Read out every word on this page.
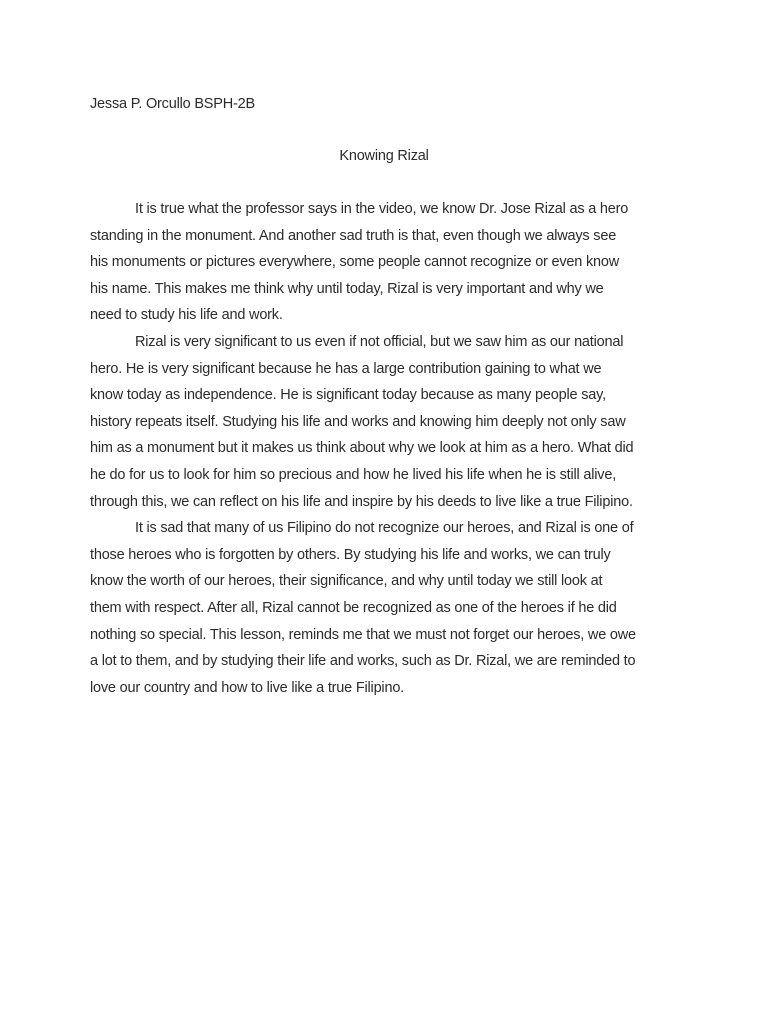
Jessa P. Orcullo BSPH-2B
Knowing Rizal

It is true what the professor says in the video, we know Dr. Jose Rizal as a hero
standing in the monument. And another sad truth is that, even though we always see
his monuments or pictures everywhere, some people cannot recognize or even know
his name. This makes me think why until today, Rizal is very important and why we
need to study his life and work.

Rizal is very significant to us even if not official, but we saw him as our national
hero. He is very significant because he has a large contribution gaining to what we
know today as independence. He is significant today because as many people say,
history repeats itself. Studying his life and works and knowing him deeply not only saw
him as a monument but it makes us think about why we look at him as a hero. What did
he do for us to look for him so precious and how he lived his life when he is still alive,
through this, we can reflect on his life and inspire by his deeds to live like a true Filipino.

It is sad that many of us Filipino do not recognize our heroes, and Rizal is one of
those heroes who is forgotten by others. By studying his life and works, we can truly
know the worth of our heroes, their significance, and why until today we still look at
them with respect. After all, Rizal cannot be recognized as one of the heroes if he did
nothing so special. This lesson, reminds me that we must not forget our heroes, we owe
a lot to them, and by studying their life and works, such as Dr. Rizal, we are reminded to
love our country and how to live like a true Filipino.
